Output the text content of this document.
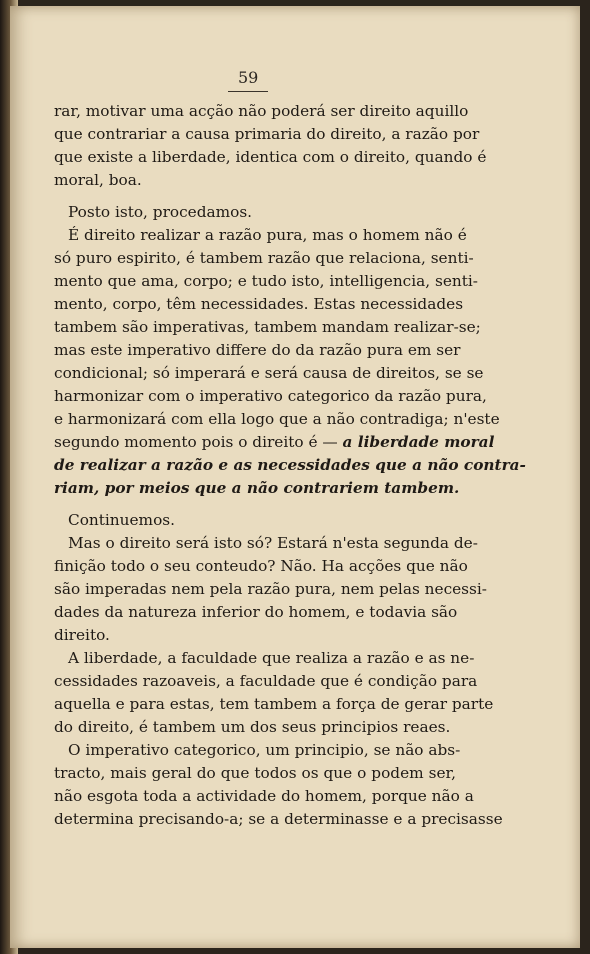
59
rar, motivar uma acção não poderá ser direito aquillo
que contrariar a causa primaria do direito, a razão por
que existe a liberdade, identica com o direito, quando é
moral, boa.
Posto isto, procedamos.
É direito realizar a razão pura, mas o homem não é
só puro espirito, é tambem razão que relaciona, senti-
mento que ama, corpo; e tudo isto, intelligencia, senti-
mento, corpo, têm necessidades. Estas necessidades
tambem são imperativas, tambem mandam realizar-se;
mas este imperativo differe do da razão pura em ser
condicional; só imperará e será causa de direitos, se se
harmonizar com o imperativo categorico da razão pura,
e harmonizará com ella logo que a não contradiga; n'este
segundo momento pois o direito é — a liberdade moral
de realizar a razão e as necessidades que a não contra-
riam, por meios que a não contrariem tambem.
Continuemos.
Mas o direito será isto só? Estará n'esta segunda de-
finição todo o seu conteudo? Não. Ha acções que não
são imperadas nem pela razão pura, nem pelas necessi-
dades da natureza inferior do homem, e todavia são
direito.
A liberdade, a faculdade que realiza a razão e as ne-
cessidades razoaveis, a faculdade que é condição para
aquella e para estas, tem tambem a força de gerar parte
do direito, é tambem um dos seus principios reaes.
O imperativo categorico, um principio, se não abs-
tracto, mais geral do que todos os que o podem ser,
não esgota toda a actividade do homem, porque não a
determina precisando-a; se a determinasse e a precisasse
